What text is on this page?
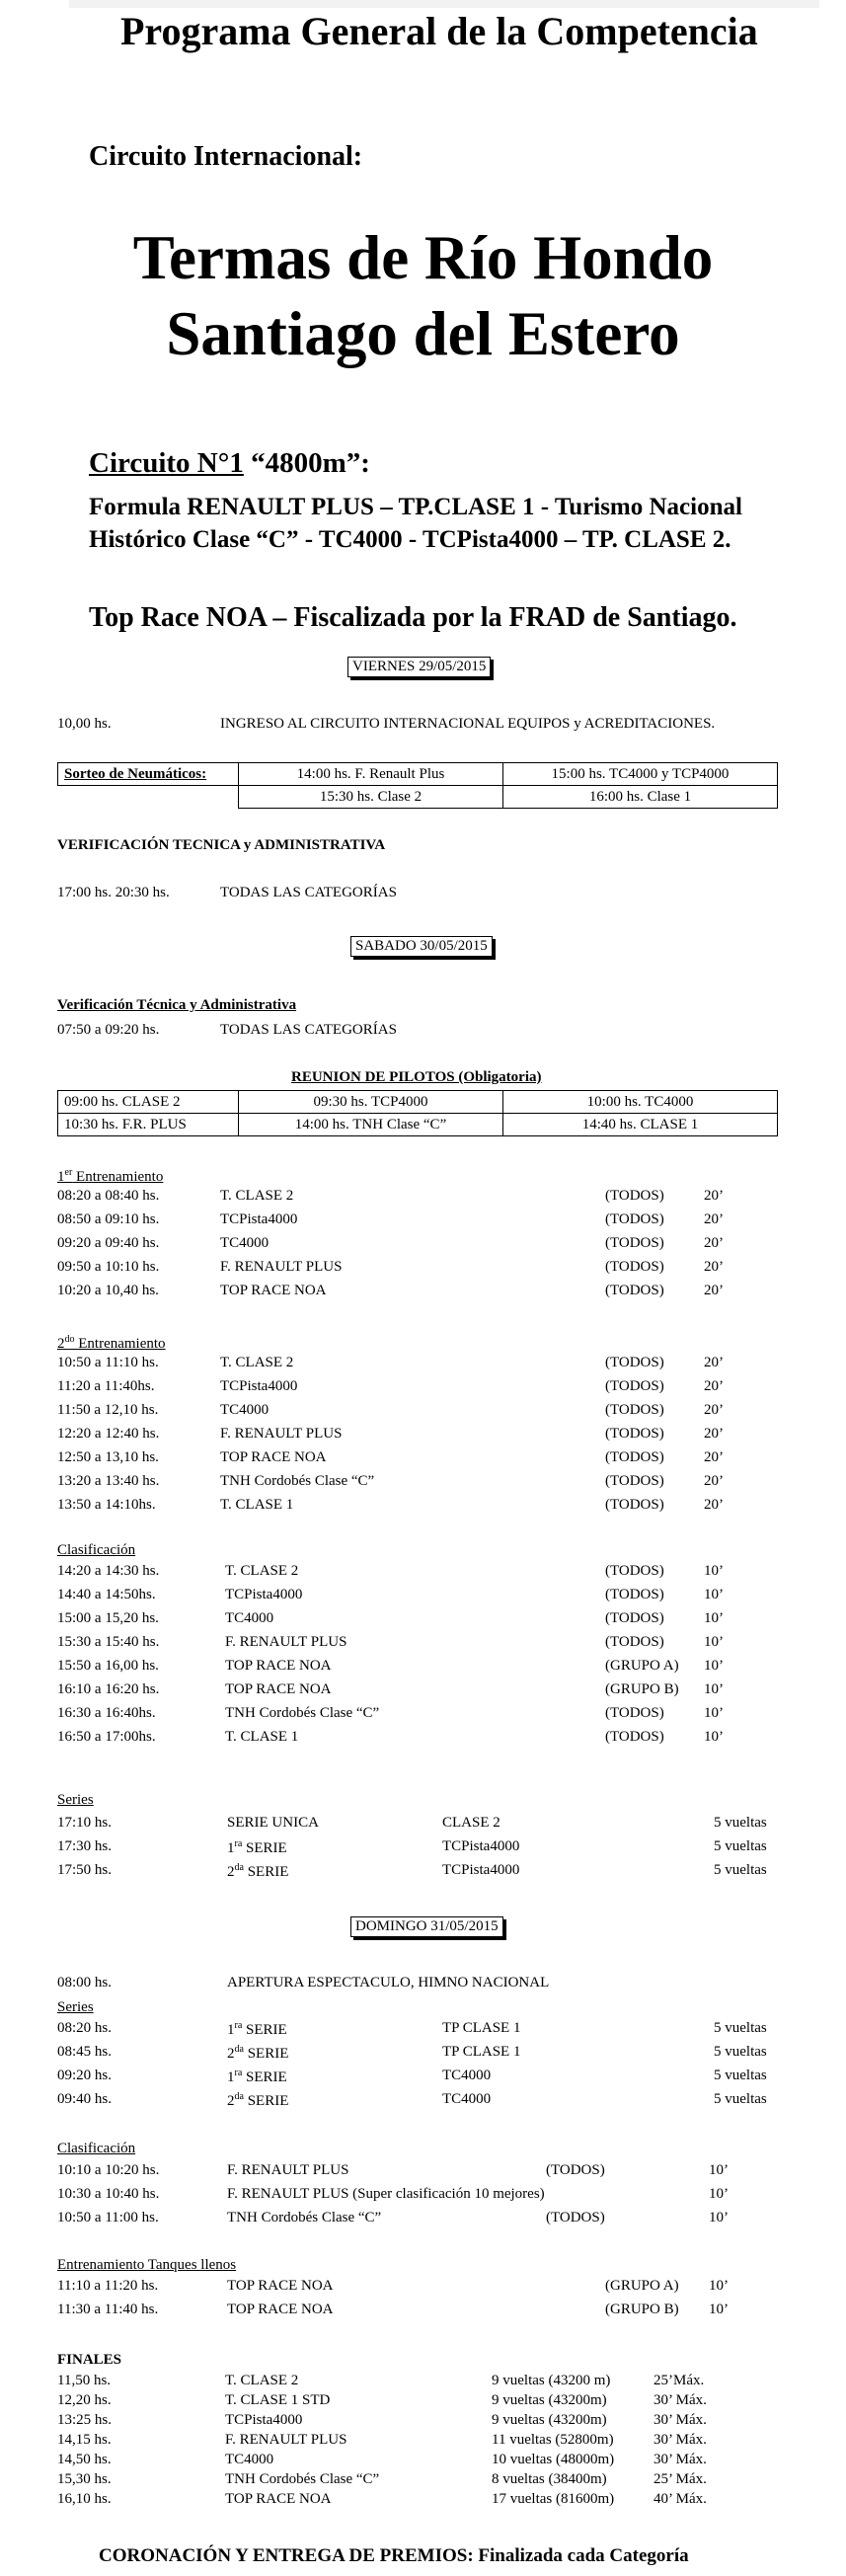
Programa General de la Competencia
Circuito Internacional:
Termas de Río Hondo
Santiago del Estero
Circuito N°1 “4800m”:
Formula RENAULT PLUS – TP.CLASE 1 - Turismo Nacional
Histórico Clase “C” - TC4000 - TCPista4000 – TP. CLASE 2.
Top Race NOA – Fiscalizada por la FRAD de Santiago.
VIERNES 29/05/2015
10,00 hs.	INGRESO AL CIRCUITO INTERNACIONAL EQUIPOS y ACREDITACIONES.
Sorteo de Neumáticos:	14:00 hs. F. Renault Plus	15:00 hs. TC4000 y TCP4000
	15:30 hs. Clase 2	16:00 hs. Clase 1
VERIFICACIÓN TECNICA y ADMINISTRATIVA
17:00 hs. 20:30 hs.	TODAS LAS CATEGORÍAS
SABADO 30/05/2015
Verificación Técnica y Administrativa
07:50 a 09:20 hs.	TODAS LAS CATEGORÍAS
REUNION DE PILOTOS (Obligatoria)
09:00 hs. CLASE 2	09:30 hs. TCP4000	10:00 hs. TC4000
10:30 hs. F.R. PLUS	14:00 hs. TNH Clase “C”	14:40 hs. CLASE 1
1er Entrenamiento
08:20 a 08:40 hs.	T. CLASE 2	(TODOS)	20’
08:50 a 09:10 hs.	TCPista4000	(TODOS)	20’
09:20 a 09:40 hs.	TC4000	(TODOS)	20’
09:50 a 10:10 hs.	F. RENAULT PLUS	(TODOS)	20’
10:20 a 10,40 hs.	TOP RACE NOA	(TODOS)	20’
$2^{do}$ Entrenamiento
10:50 a 11:10 hs.	T. CLASE 2	(TODOS)	20’
11:20 a 11:40hs.	TCPista4000	(TODOS)	20’
11:50 a 12,10 hs.	TC4000	(TODOS)	20’
12:20 a 12:40 hs.	F. RENAULT PLUS	(TODOS)	20’
12:50 a 13,10 hs.	TOP RACE NOA	(TODOS)	20’
13:20 a 13:40 hs.	TNH Cordobés Clase “C”	(TODOS)	20’
13:50 a 14:10hs.	T. CLASE 1	(TODOS)	20’
Clasificación
14:20 a 14:30 hs.	T. CLASE 2	(TODOS)	10’
14:40 a 14:50hs.	TCPista4000	(TODOS)	10’
15:00 a 15,20 hs.	TC4000	(TODOS)	10’
15:30 a 15:40 hs.	F. RENAULT PLUS	(TODOS)	10’
15:50 a 16,00 hs.	TOP RACE NOA	(GRUPO A) 10’
16:10 a 16:20 hs.	TOP RACE NOA	(GRUPO B) 10’
16:30 a 16:40hs.	TNH Cordobés Clase “C”	(TODOS)	10’
16:50 a 17:00hs.	T. CLASE 1	(TODOS)	10’
Series
17:10 hs.	SERIE UNICA	CLASE 2	5 vueltas
17:30 hs.	$1^{ra}$ SERIE	TCPista4000	5 vueltas
17:50 hs.	$2^{da}$ SERIE	TCPista4000	5 vueltas
DOMINGO 31/05/2015
08:00 hs.	APERTURA ESPECTACULO, HIMNO NACIONAL
Series
08:20 hs.	$1^{ra}$ SERIE	TP CLASE 1	5 vueltas
08:45 hs.	$2^{da}$ SERIE	TP CLASE 1	5 vueltas
09:20 hs.	$1^{ra}$ SERIE	TC4000	5 vueltas
09:40 hs.	$2^{da}$ SERIE	TC4000	5 vueltas
Clasificación
10:10 a 10:20 hs.	F. RENAULT PLUS	(TODOS)	10’
10:30 a 10:40 hs.	F. RENAULT PLUS (Super clasificación 10 mejores)	10’
10:50 a 11:00 hs.	TNH Cordobés Clase “C”	(TODOS)	10’
Entrenamiento Tanques llenos
11:10 a 11:20 hs.	TOP RACE NOA	(GRUPO A) 10’
11:30 a 11:40 hs.	TOP RACE NOA	(GRUPO B) 10’
FINALES
11,50 hs.	T. CLASE 2	9 vueltas (43200 m)	25’Máx.
12,20 hs.	T. CLASE 1 STD	9 vueltas (43200m)	30’ Máx.
13:25 hs.	TCPista4000	9 vueltas (43200m)	30’ Máx.
14,15 hs.	F. RENAULT PLUS	11 vueltas (52800m)	30’ Máx.
14,50 hs.	TC4000	10 vueltas (48000m)	30’ Máx.
15,30 hs.	TNH Cordobés Clase “C”	8 vueltas (38400m)	25’ Máx.
16,10 hs.	TOP RACE NOA	17 vueltas (81600m)	40’ Máx.
CORONACIÓN Y ENTREGA DE PREMIOS: Finalizada cada Categoría
